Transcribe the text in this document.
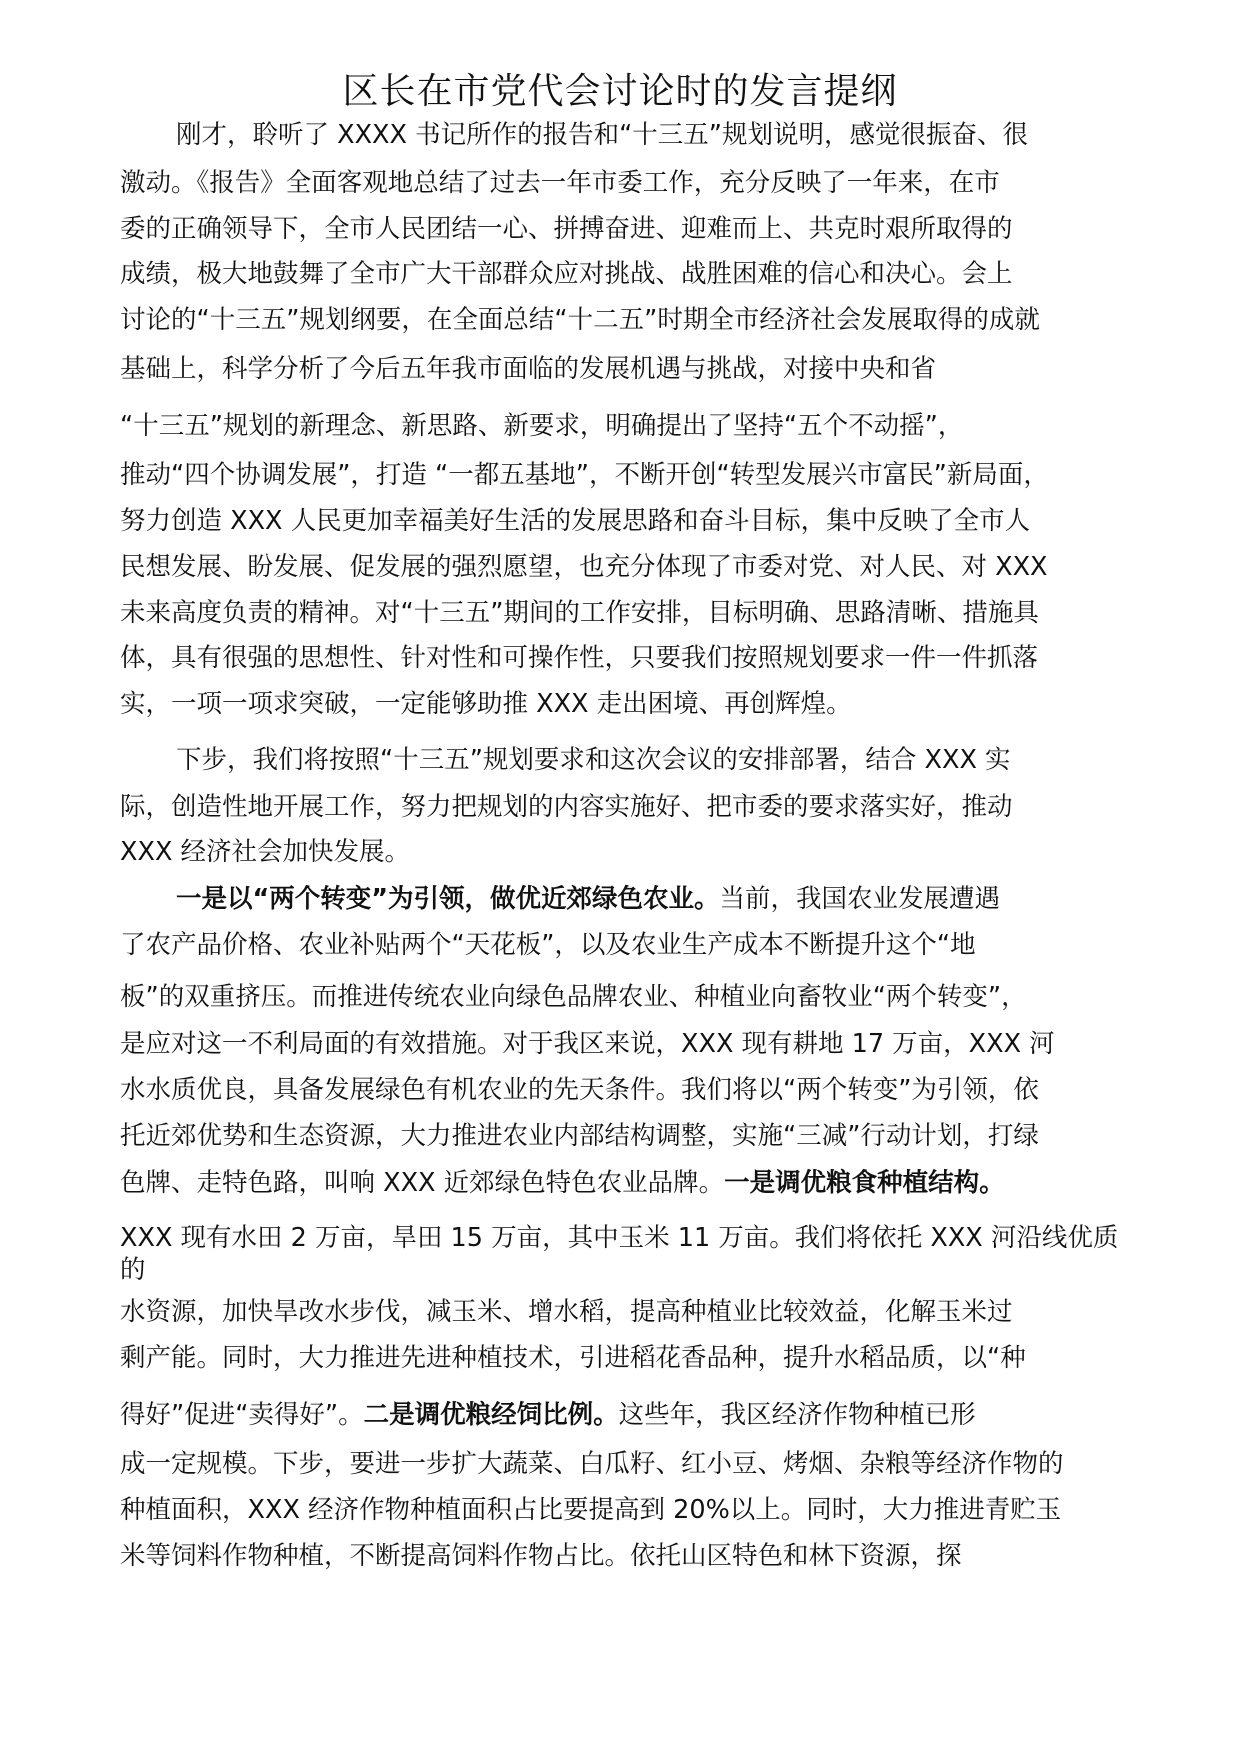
区长在市党代会讨论时的发言提纲
刚才，聆听了 XXXX 书记所作的报告和“十三五”规划说明，感觉很振奋、很
激动。《报告》全面客观地总结了过去一年市委工作，充分反映了一年来，在市
委的正确领导下，全市人民团结一心、拼搏奋进、迎难而上、共克时艰所取得的
成绩，极大地鼓舞了全市广大干部群众应对挑战、战胜困难的信心和决心。会上
讨论的“十三五”规划纲要，在全面总结“十二五”时期全市经济社会发展取得的成就
基础上，科学分析了今后五年我市面临的发展机遇与挑战，对接中央和省
“十三五”规划的新理念、新思路、新要求，明确提出了坚持“五个不动摇”，
推动“四个协调发展”，打造 “一都五基地”，不断开创“转型发展兴市富民”新局面，
努力创造 XXX 人民更加幸福美好生活的发展思路和奋斗目标，集中反映了全市人
民想发展、盼发展、促发展的强烈愿望，也充分体现了市委对党、对人民、对 XXX
未来高度负责的精神。对“十三五”期间的工作安排，目标明确、思路清晰、措施具
体，具有很强的思想性、针对性和可操作性，只要我们按照规划要求一件一件抓落
实，一项一项求突破，一定能够助推 XXX 走出困境、再创辉煌。
下步，我们将按照“十三五”规划要求和这次会议的安排部署，结合 XXX 实
际，创造性地开展工作，努力把规划的内容实施好、把市委的要求落实好，推动
XXX 经济社会加快发展。
一是以“两个转变”为引领，做优近郊绿色农业。当前，我国农业发展遭遇
了农产品价格、农业补贴两个“天花板”，以及农业生产成本不断提升这个“地
板”的双重挤压。而推进传统农业向绿色品牌农业、种植业向畜牧业“两个转变”，
是应对这一不利局面的有效措施。对于我区来说，XXX 现有耕地 17 万亩，XXX 河
水水质优良，具备发展绿色有机农业的先天条件。我们将以“两个转变”为引领，依
托近郊优势和生态资源，大力推进农业内部结构调整，实施“三减”行动计划，打绿
色牌、走特色路，叫响 XXX 近郊绿色特色农业品牌。一是调优粮食种植结构。
XXX 现有水田 2 万亩，旱田 15 万亩，其中玉米 11 万亩。我们将依托 XXX 河沿线优质
的
水资源，加快旱改水步伐，减玉米、增水稻，提高种植业比较效益，化解玉米过
剩产能。同时，大力推进先进种植技术，引进稻花香品种，提升水稻品质，以“种
得好”促进“卖得好”。二是调优粮经饲比例。这些年，我区经济作物种植已形
成一定规模。下步，要进一步扩大蔬菜、白瓜籽、红小豆、烤烟、杂粮等经济作物的
种植面积，XXX 经济作物种植面积占比要提高到 20%以上。同时，大力推进青贮玉
米等饲料作物种植，不断提高饲料作物占比。依托山区特色和林下资源，探
